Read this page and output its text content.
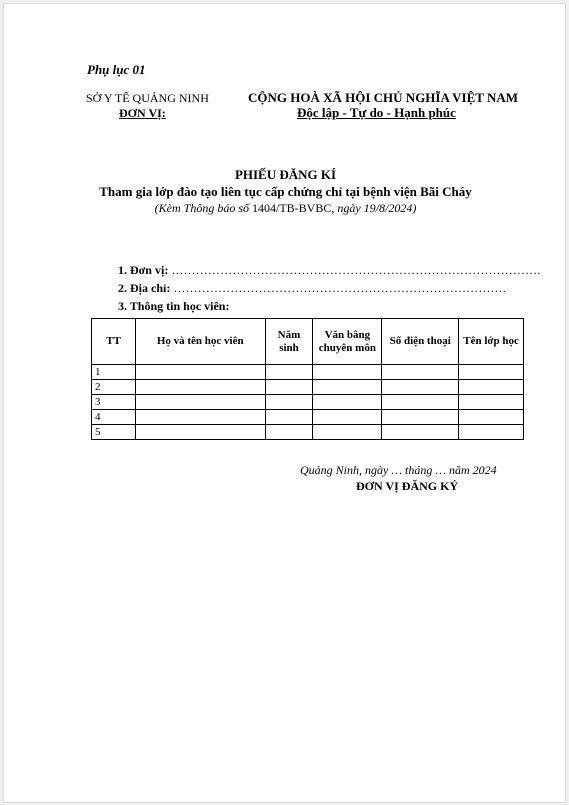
Phụ lục 01
SỞ Y TẾ QUẢNG NINH
ĐƠN VỊ:
CỘNG HOÀ XÃ HỘI CHỦ NGHĨA VIỆT NAM
Độc lập - Tự do - Hạnh phúc
PHIẾU ĐĂNG KÍ
Tham gia lớp đào tạo liên tục cấp chứng chỉ tại bệnh viện Bãi Cháy
(Kèm Thông báo số 1404/TB-BVBC, ngày 19/8/2024)
1. Đơn vị: ……………………………………………………………………………….
2. Địa chỉ: ……………………………………………………………………….
3. Thông tin học viên:
TT	Họ và tên học viên	Năm sinh	Văn bằng chuyên môn	Số điện thoại	Tên lớp học
1					
2					
3					
4					
5					
Quảng Ninh, ngày … tháng … năm 2024
ĐƠN VỊ ĐĂNG KÝ
